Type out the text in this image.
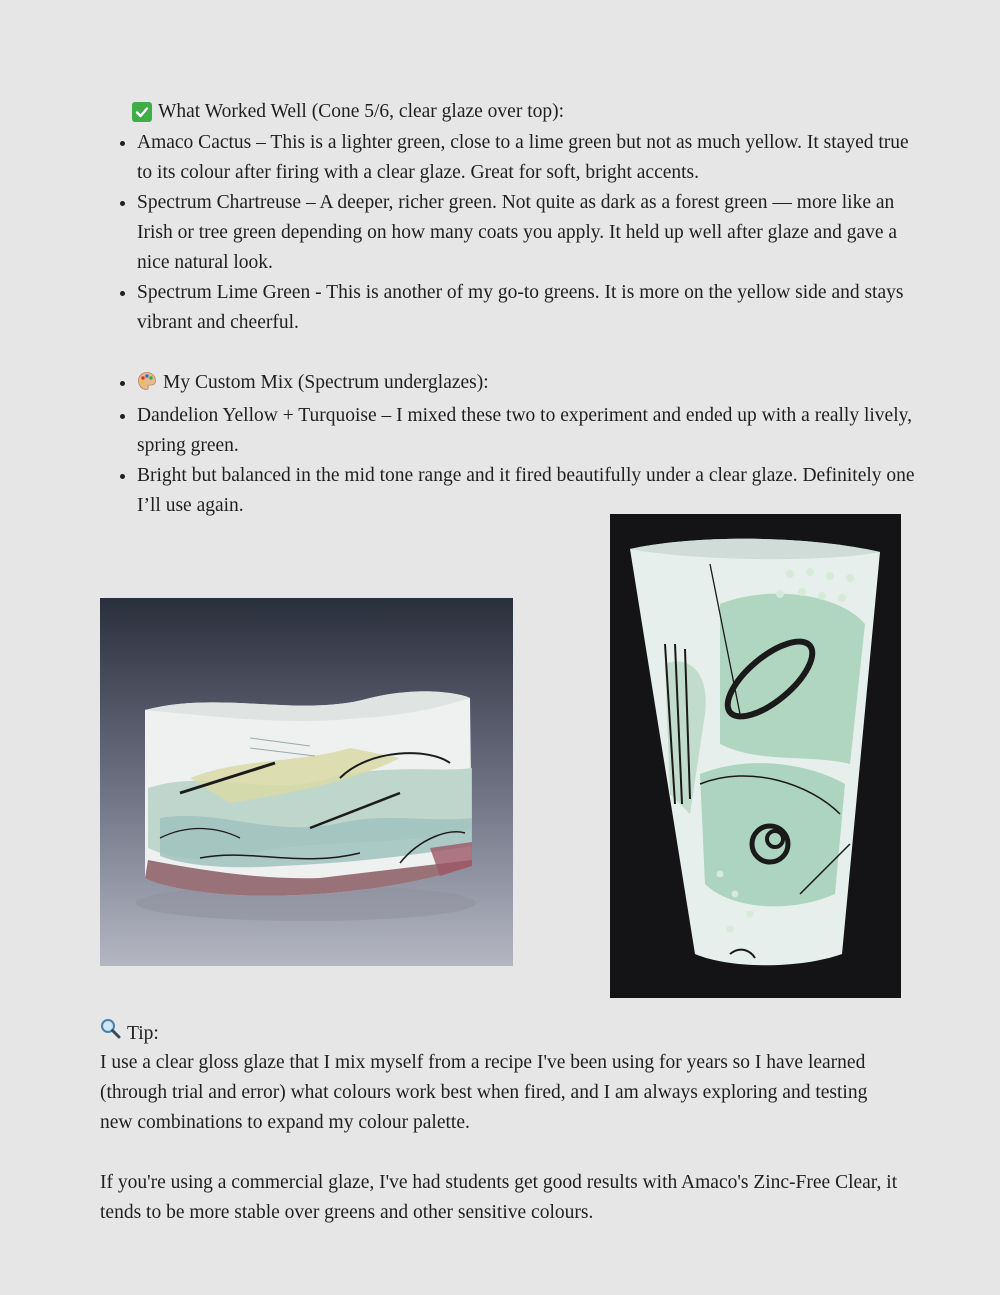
What Worked Well (Cone 5/6, clear glaze over top):
• Amaco Cactus – This is a lighter green, close to a lime green but not as much yellow. It stayed true to its colour after firing with a clear glaze. Great for soft, bright accents.
• Spectrum Chartreuse – A deeper, richer green. Not quite as dark as a forest green — more like an Irish or tree green depending on how many coats you apply. It held up well after glaze and gave a nice natural look.
• Spectrum Lime Green - This is another of my go-to greens. It is more on the yellow side and stays vibrant and cheerful.
• My Custom Mix (Spectrum underglazes):
• Dandelion Yellow + Turquoise – I mixed these two to experiment and ended up with a really lively, spring green.
• Bright but balanced in the mid tone range and it fired beautifully under a clear glaze. Definitely one I’ll use again.
Tip:

I use a clear gloss glaze that I mix myself from a recipe I've been using for years so I have learned (through trial and error) what colours work best when fired, and I am always exploring and testing new combinations to expand my colour palette.

If you're using a commercial glaze, I've had students get good results with Amaco's Zinc-Free Clear, it tends to be more stable over greens and other sensitive colours.
